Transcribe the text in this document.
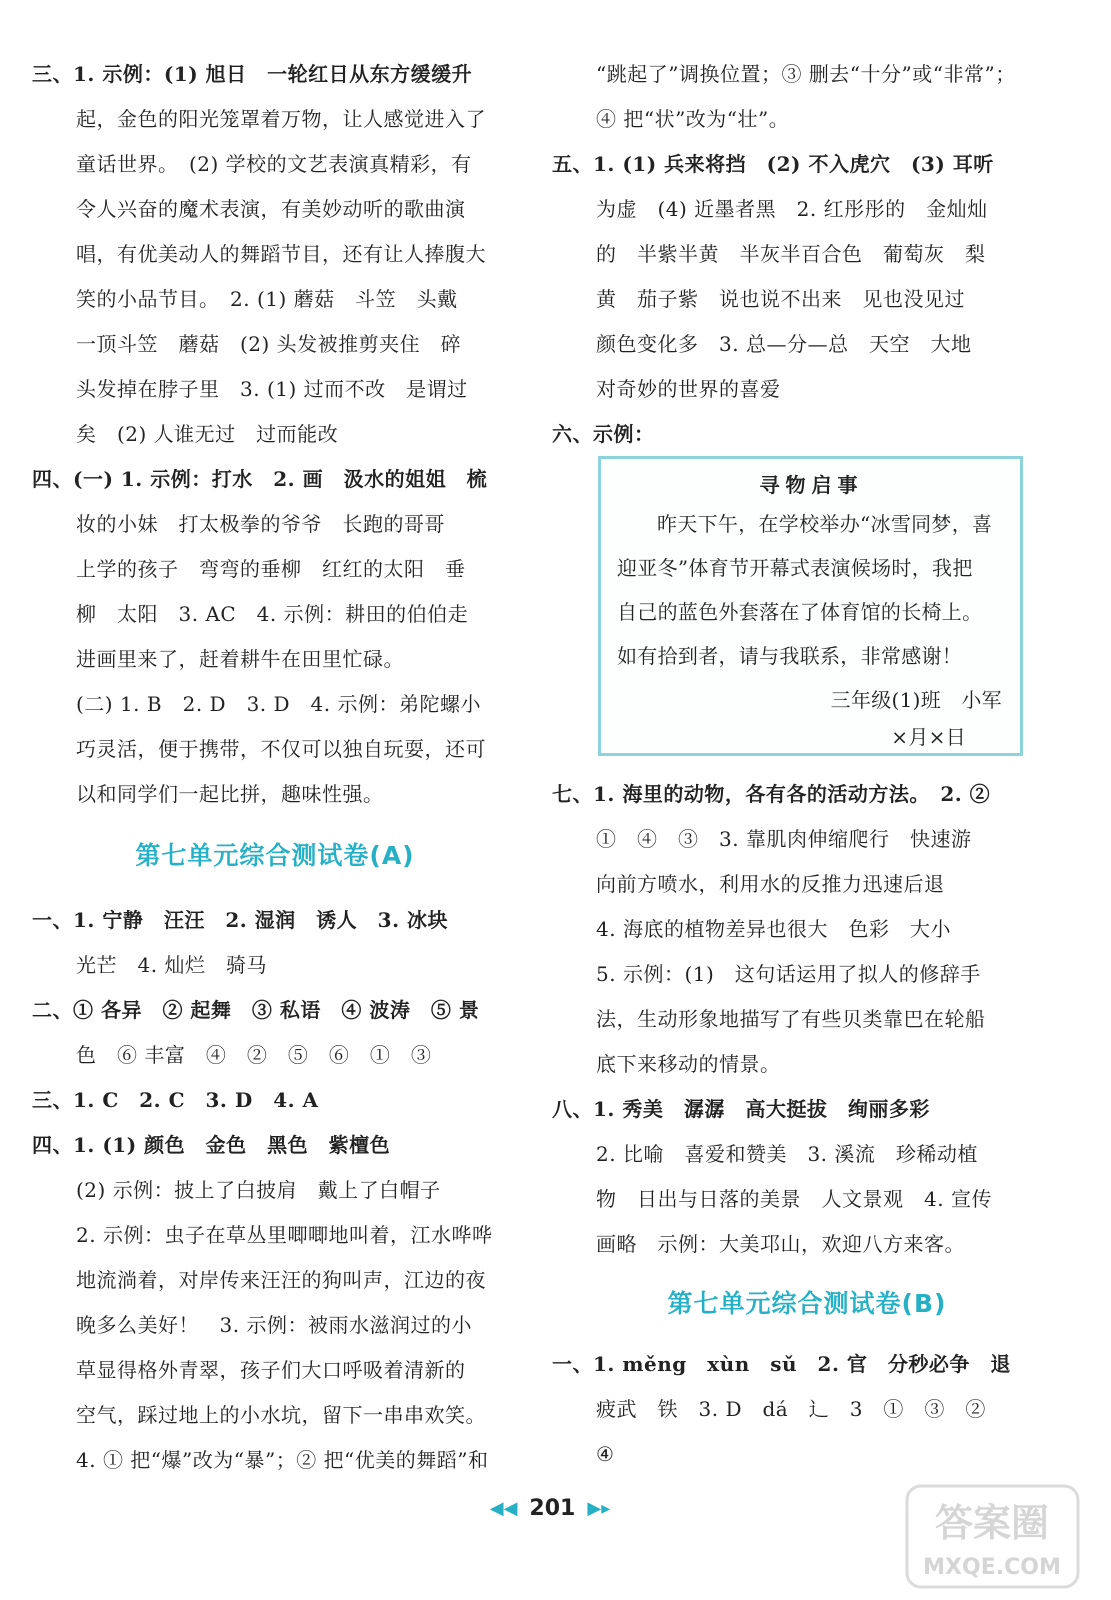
三、1. 示例：(1) 旭日　一轮红日从东方缓缓升
起，金色的阳光笼罩着万物，让人感觉进入了
童话世界。　(2) 学校的文艺表演真精彩，有
令人兴奋的魔术表演，有美妙动听的歌曲演
唱，有优美动人的舞蹈节目，还有让人捧腹大
笑的小品节目。　2. (1) 蘑菇　斗笠　头戴
一顶斗笠　蘑菇　(2) 头发被推剪夹住　碎
头发掉在脖子里　3. (1) 过而不改　是谓过
矣　(2) 人谁无过　过而能改
四、(一) 1. 示例：打水　2. 画　汲水的姐姐　梳
妆的小妹　打太极拳的爷爷　长跑的哥哥
上学的孩子　弯弯的垂柳　红红的太阳　垂
柳　太阳　3. AC　4. 示例：耕田的伯伯走
进画里来了，赶着耕牛在田里忙碌。
(二) 1. B　2. D　3. D　4. 示例：弟陀螺小
巧灵活，便于携带，不仅可以独自玩耍，还可
以和同学们一起比拼，趣味性强。
第七单元综合测试卷(A)
一、1. 宁静　汪汪　2. 湿润　诱人　3. 冰块
光芒　4. 灿烂　骑马
二、① 各异　② 起舞　③ 私语　④ 波涛　⑤ 景
色　⑥ 丰富　④　②　⑤　⑥　①　③
三、1. C　2. C　3. D　4. A
四、1. (1) 颜色　金色　黑色　紫檀色
(2) 示例：披上了白披肩　戴上了白帽子
2. 示例：虫子在草丛里唧唧地叫着，江水哗哗
地流淌着，对岸传来汪汪的狗叫声，江边的夜
晚多么美好！　3. 示例：被雨水滋润过的小
草显得格外青翠，孩子们大口呼吸着清新的
空气，踩过地上的小水坑，留下一串串欢笑。
4. ① 把“爆”改为“暴”；② 把“优美的舞蹈”和
“跳起了”调换位置；③ 删去“十分”或“非常”；
④ 把“状”改为“壮”。
五、1. (1) 兵来将挡　(2) 不入虎穴　(3) 耳听
为虚　(4) 近墨者黑　2. 红彤彤的　金灿灿
的　半紫半黄　半灰半百合色　葡萄灰　梨
黄　茄子紫　说也说不出来　见也没见过
颜色变化多　3. 总—分—总　天空　大地
对奇妙的世界的喜爱
六、示例：
寻物启事
昨天下午，在学校举办“冰雪同梦，喜
迎亚冬”体育节开幕式表演候场时，我把
自己的蓝色外套落在了体育馆的长椅上。
如有拾到者，请与我联系，非常感谢！
三年级(1)班　小军
×月×日
七、1. 海里的动物，各有各的活动方法。　2. ②
①　④　③　3. 靠肌肉伸缩爬行　快速游
向前方喷水，利用水的反推力迅速后退
4. 海底的植物差异也很大　色彩　大小
5. 示例：(1)　这句话运用了拟人的修辞手
法，生动形象地描写了有些贝类靠巴在轮船
底下来移动的情景。
八、1. 秀美　潺潺　高大挺拔　绚丽多彩
2. 比喻　喜爱和赞美　3. 溪流　珍稀动植
物　日出与日落的美景　人文景观　4. 宣传
画略　示例：大美邛山，欢迎八方来客。
第七单元综合测试卷(B)
一、1. měng　xùn　sǔ　2. 官　分秒必争　退
疲武　铁　3. D　dá　辶　3　①　③　②
④
◀◀ 201 ▶▸	答案圈
MXQE.COM
